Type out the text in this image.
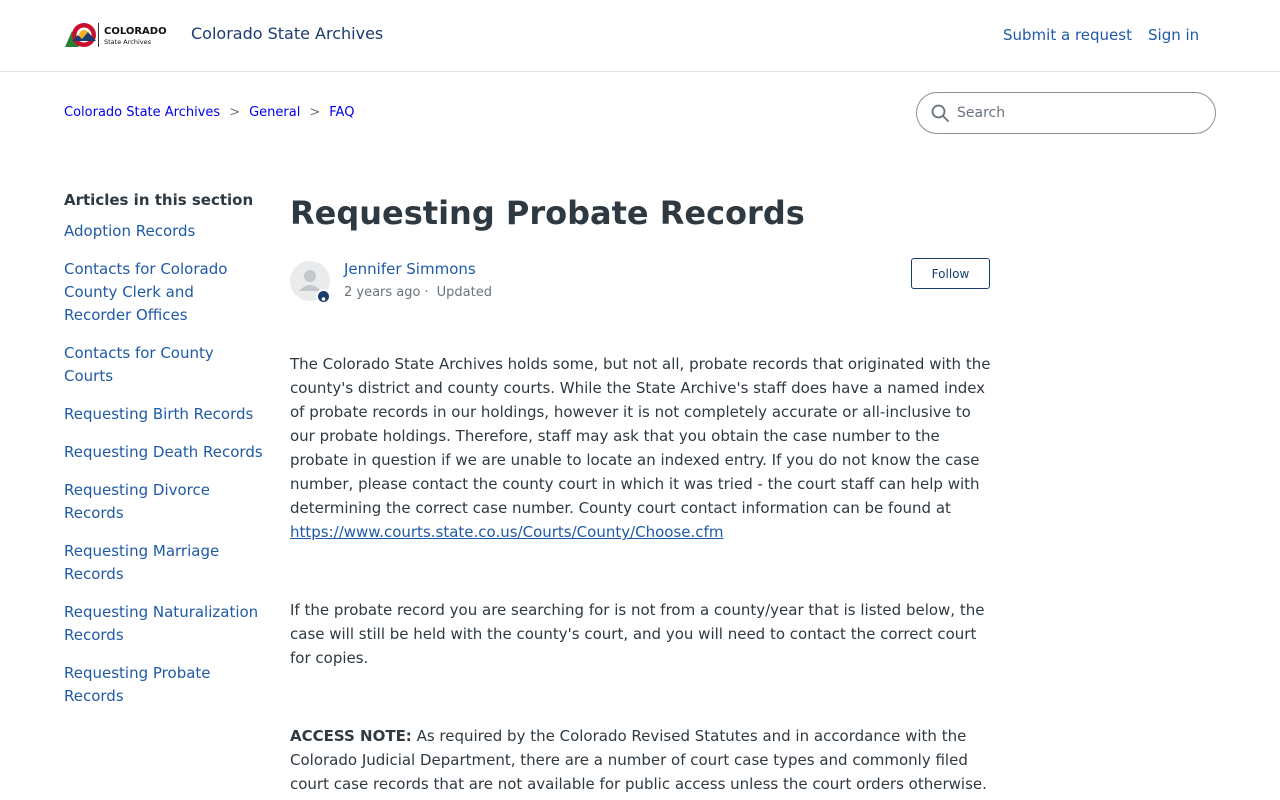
COLORADO
State Archives	Colorado State Archives	Submit a request Sign in
Colorado State Archives > General > FAQ
Search
Articles in this section
Adoption Records
Contacts for Colorado County Clerk and Recorder Offices
Contacts for County Courts
Requesting Birth Records
Requesting Death Records
Requesting Divorce Records
Requesting Marriage Records
Requesting Naturalization Records
Requesting Probate Records
Requesting Probate Records
Jennifer Simmons
2 years ago · Updated
Follow

The Colorado State Archives holds some, but not all, probate records that originated with the county's district and county courts. While the State Archive's staff does have a named index of probate records in our holdings, however it is not completely accurate or all-inclusive to our probate holdings. Therefore, staff may ask that you obtain the case number to the probate in question if we are unable to locate an indexed entry. If you do not know the case number, please contact the county court in which it was tried - the court staff can help with determining the correct case number. County court contact information can be found at https://www.courts.state.co.us/Courts/County/Choose.cfm

If the probate record you are searching for is not from a county/year that is listed below, the case will still be held with the county's court, and you will need to contact the correct court for copies.

ACCESS NOTE: As required by the Colorado Revised Statutes and in accordance with the Colorado Judicial Department, there are a number of court case types and commonly filed court case records that are not available for public access unless the court orders otherwise.
